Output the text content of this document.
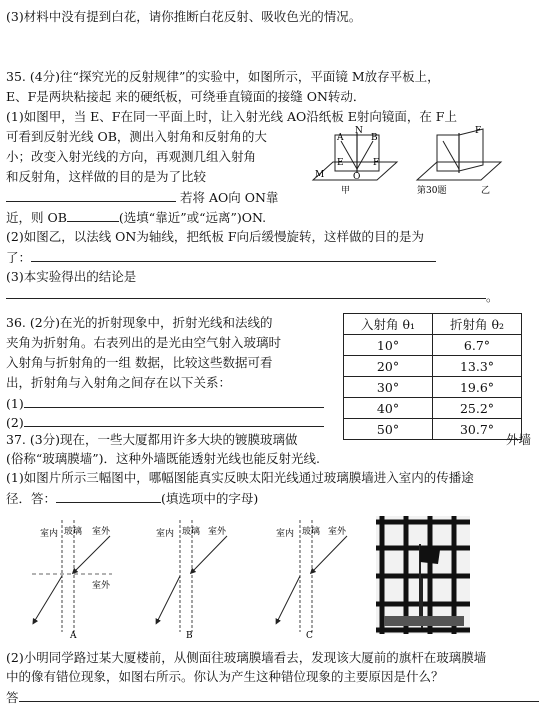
(3)材料中没有提到白花，请你推断白花反射、吸收色光的情况。
35. (4分)往“探究光的反射规律”的实验中，如图所示，平面镜 M放存平板上，
E、F是两块粘接起 来的硬纸板，可绕垂直镜面的接缝 ON转动．
(1)如图甲，当 E、F在同一平面上时，让入射光线 AO沿纸板 E射向镜面，在 F上
可看到反射光线 OB，测出入射角和反射角的大
小；改变入射光线的方向，再观测几组入射角
和反射角，这样做的目的是为了比较
若将 AO向 ON靠
近，则 OB	(选填“靠近”或“远离”)ON.
(2)如图乙，以法线 ON为轴线，把纸板 F向后缓慢旋转，这样做的目的是为
了：
(3)本实验得出的结论是
。
A
N
B
E	F
O
M
甲
F
乙
第30题
36. (2分)在光的折射现象中，折射光线和法线的
夹角为折射角。右表列出的是光由空气射入玻璃时
入射角与折射角的一组 数据，比较这些数据可看
出，折射角与入射角之间存在以下关系：
(1)
(2)
入射角 θ₁	折射角 θ₂
10°	6.7°
20°	13.3°
30°	19.6°
40°	25.2°
50°	30.7°
37. (3分)现在，一些大厦都用许多大块的镀膜玻璃做	外墙
(俗称“玻璃膜墙”)．这种外墙既能透射光线也能反射光线.
(1)如图片所示三幅图中，哪幅图能真实反映太阳光线通过玻璃膜墙进入室内的传播途
径．答：	(填选项中的字母)
室内 玻璃 室外
室外
A
室内 玻璃 室外
B
室内 玻璃 室外
C
(2)小明同学路过某大厦楼前，从侧面往玻璃膜墙看去，发现该大厦前的旗杆在玻璃膜墙
中的像有错位现象，如图右所示。你认为产生这种错位现象的主要原因是什么？
答
